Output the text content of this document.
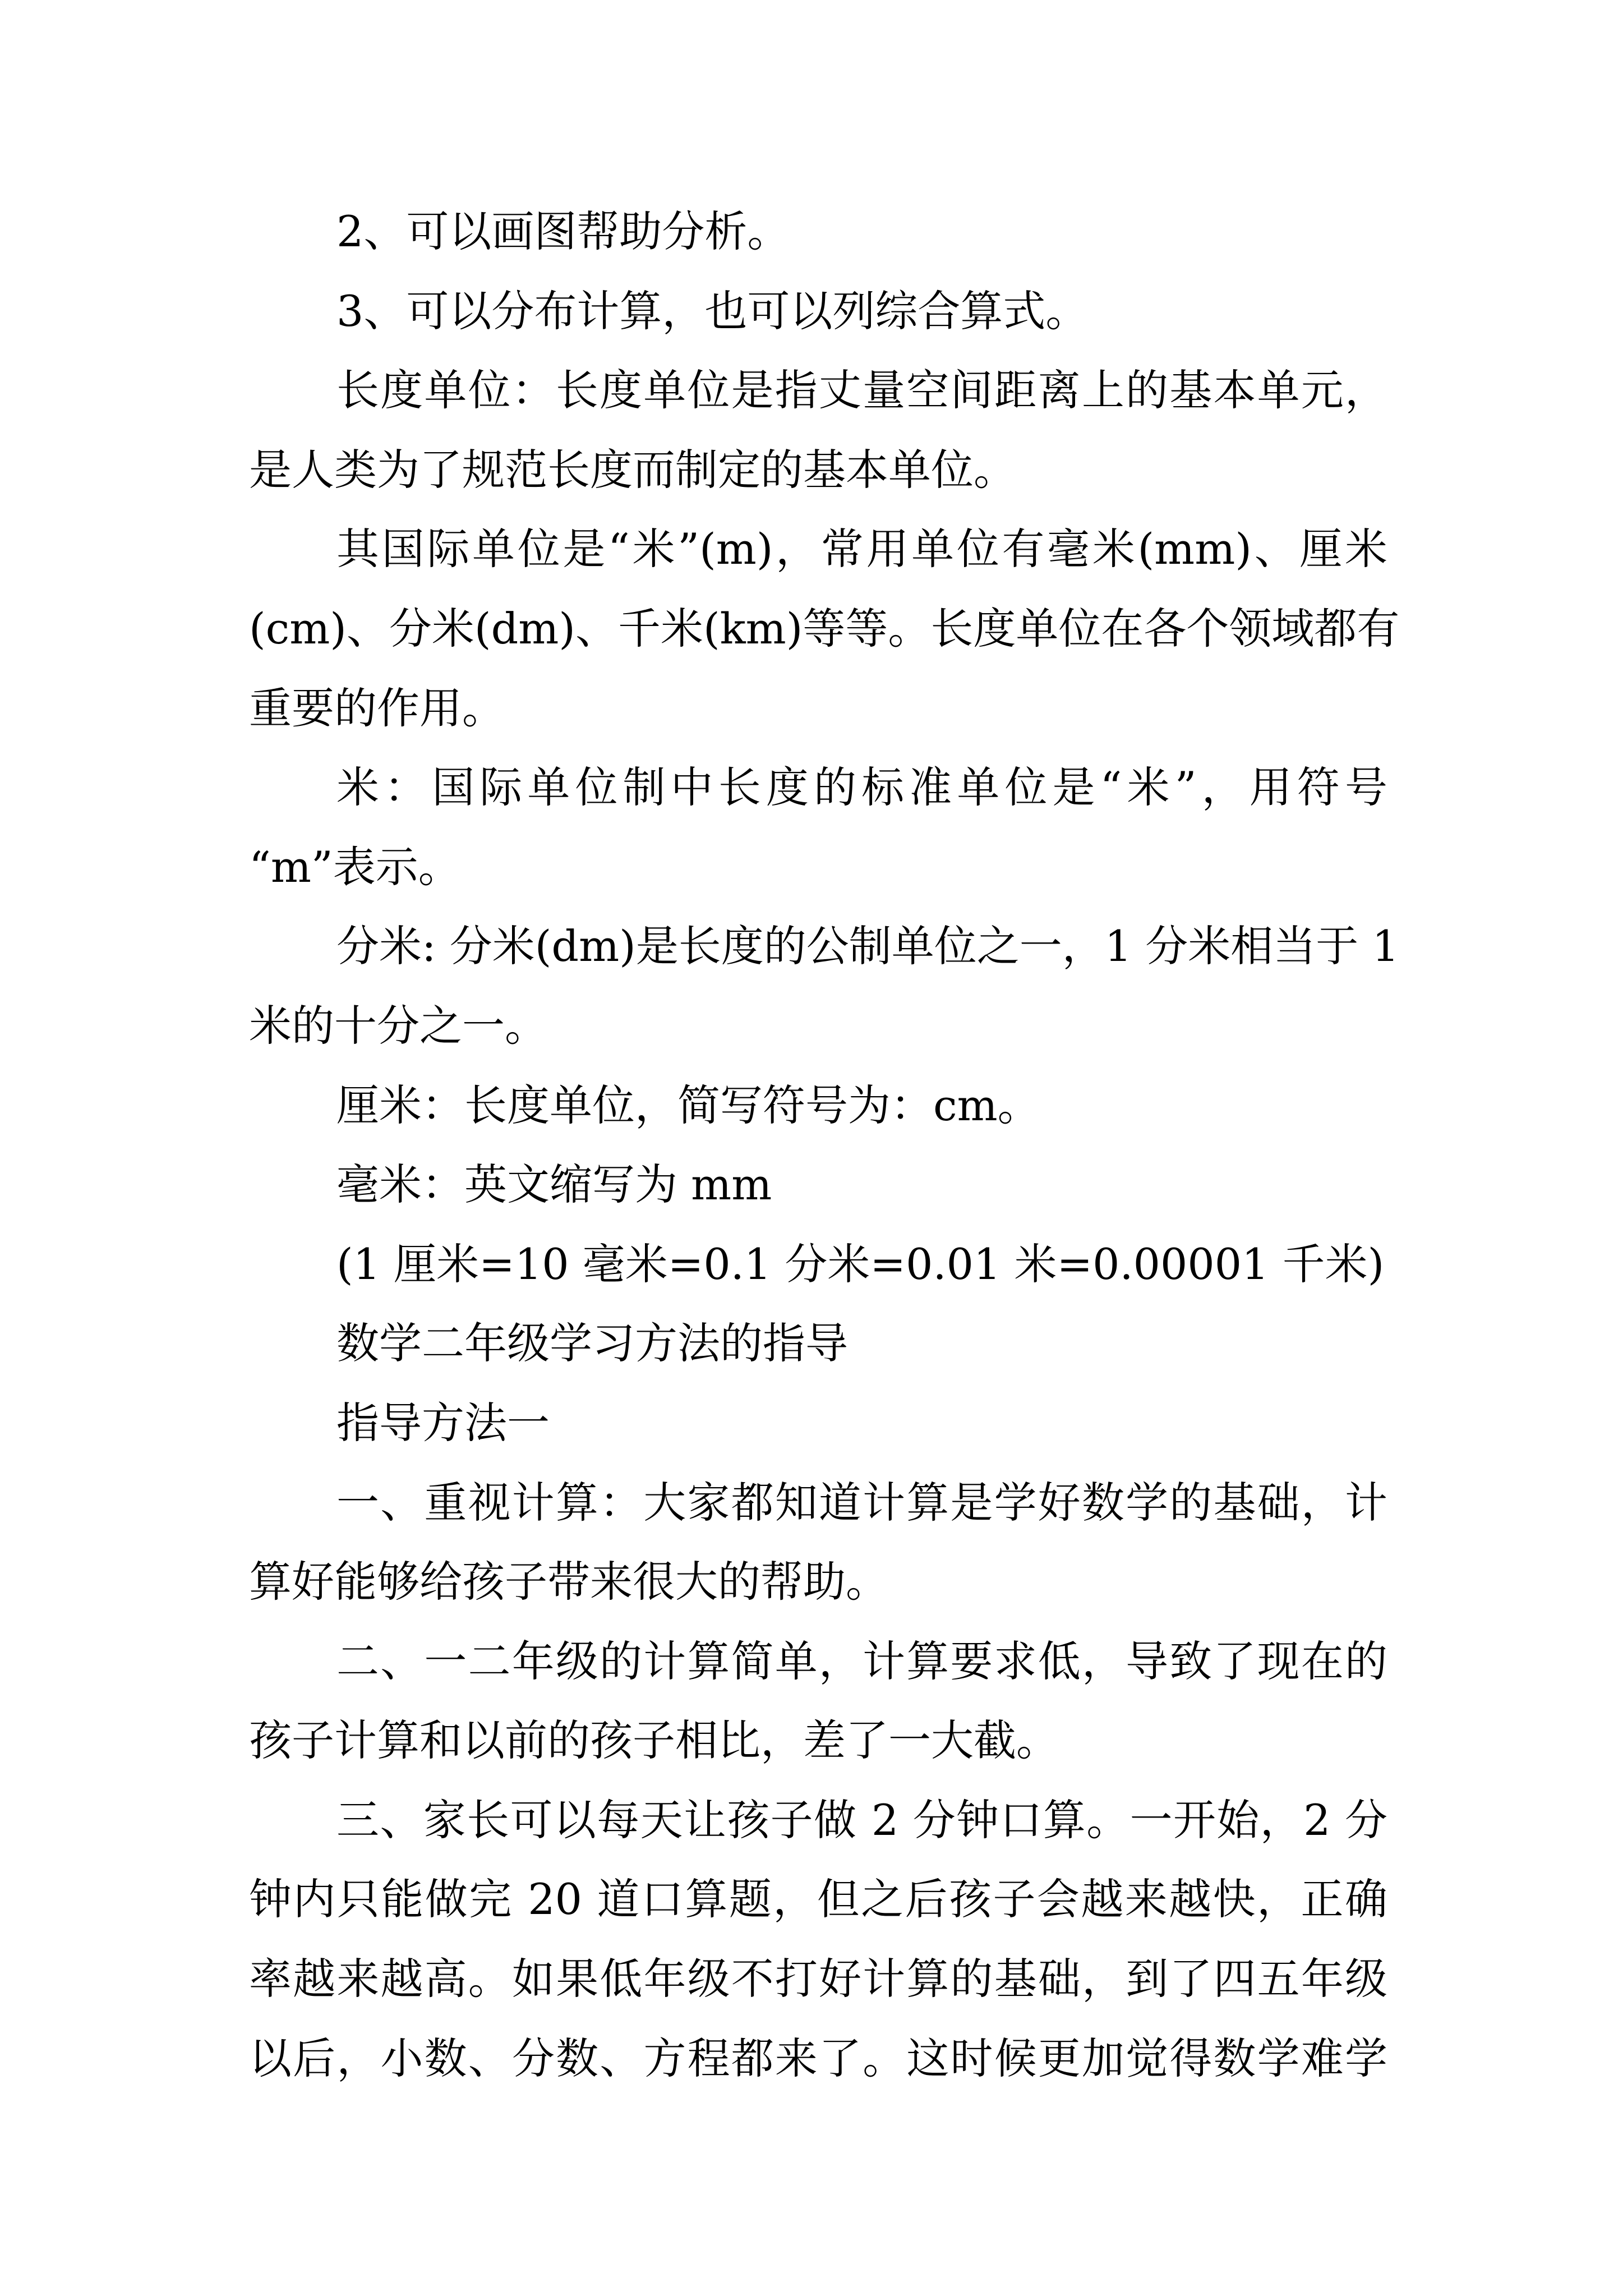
2、可以画图帮助分析。
3、可以分布计算，也可以列综合算式。
长度单位：长度单位是指丈量空间距离上的基本单元，
是人类为了规范长度而制定的基本单位。
其国际单位是“米”(m)，常用单位有毫米(mm)、厘米
(cm)、分米(dm)、千米(km)等等。长度单位在各个领域都有
重要的作用。
米：国际单位制中长度的标准单位是“米”，用符号
“m”表示。
分米: 分米(dm)是长度的公制单位之一，1 分米相当于 1
米的十分之一。
厘米：长度单位，简写符号为：cm。
毫米：英文缩写为 mm
(1 厘米=10 毫米=0.1 分米=0.01 米=0.00001 千米)
数学二年级学习方法的指导
指导方法一
一、重视计算：大家都知道计算是学好数学的基础，计
算好能够给孩子带来很大的帮助。
二、一二年级的计算简单，计算要求低，导致了现在的
孩子计算和以前的孩子相比，差了一大截。
三、家长可以每天让孩子做 2 分钟口算。一开始，2 分
钟内只能做完 20 道口算题，但之后孩子会越来越快，正确
率越来越高。如果低年级不打好计算的基础，到了四五年级
以后，小数、分数、方程都来了。这时候更加觉得数学难学
